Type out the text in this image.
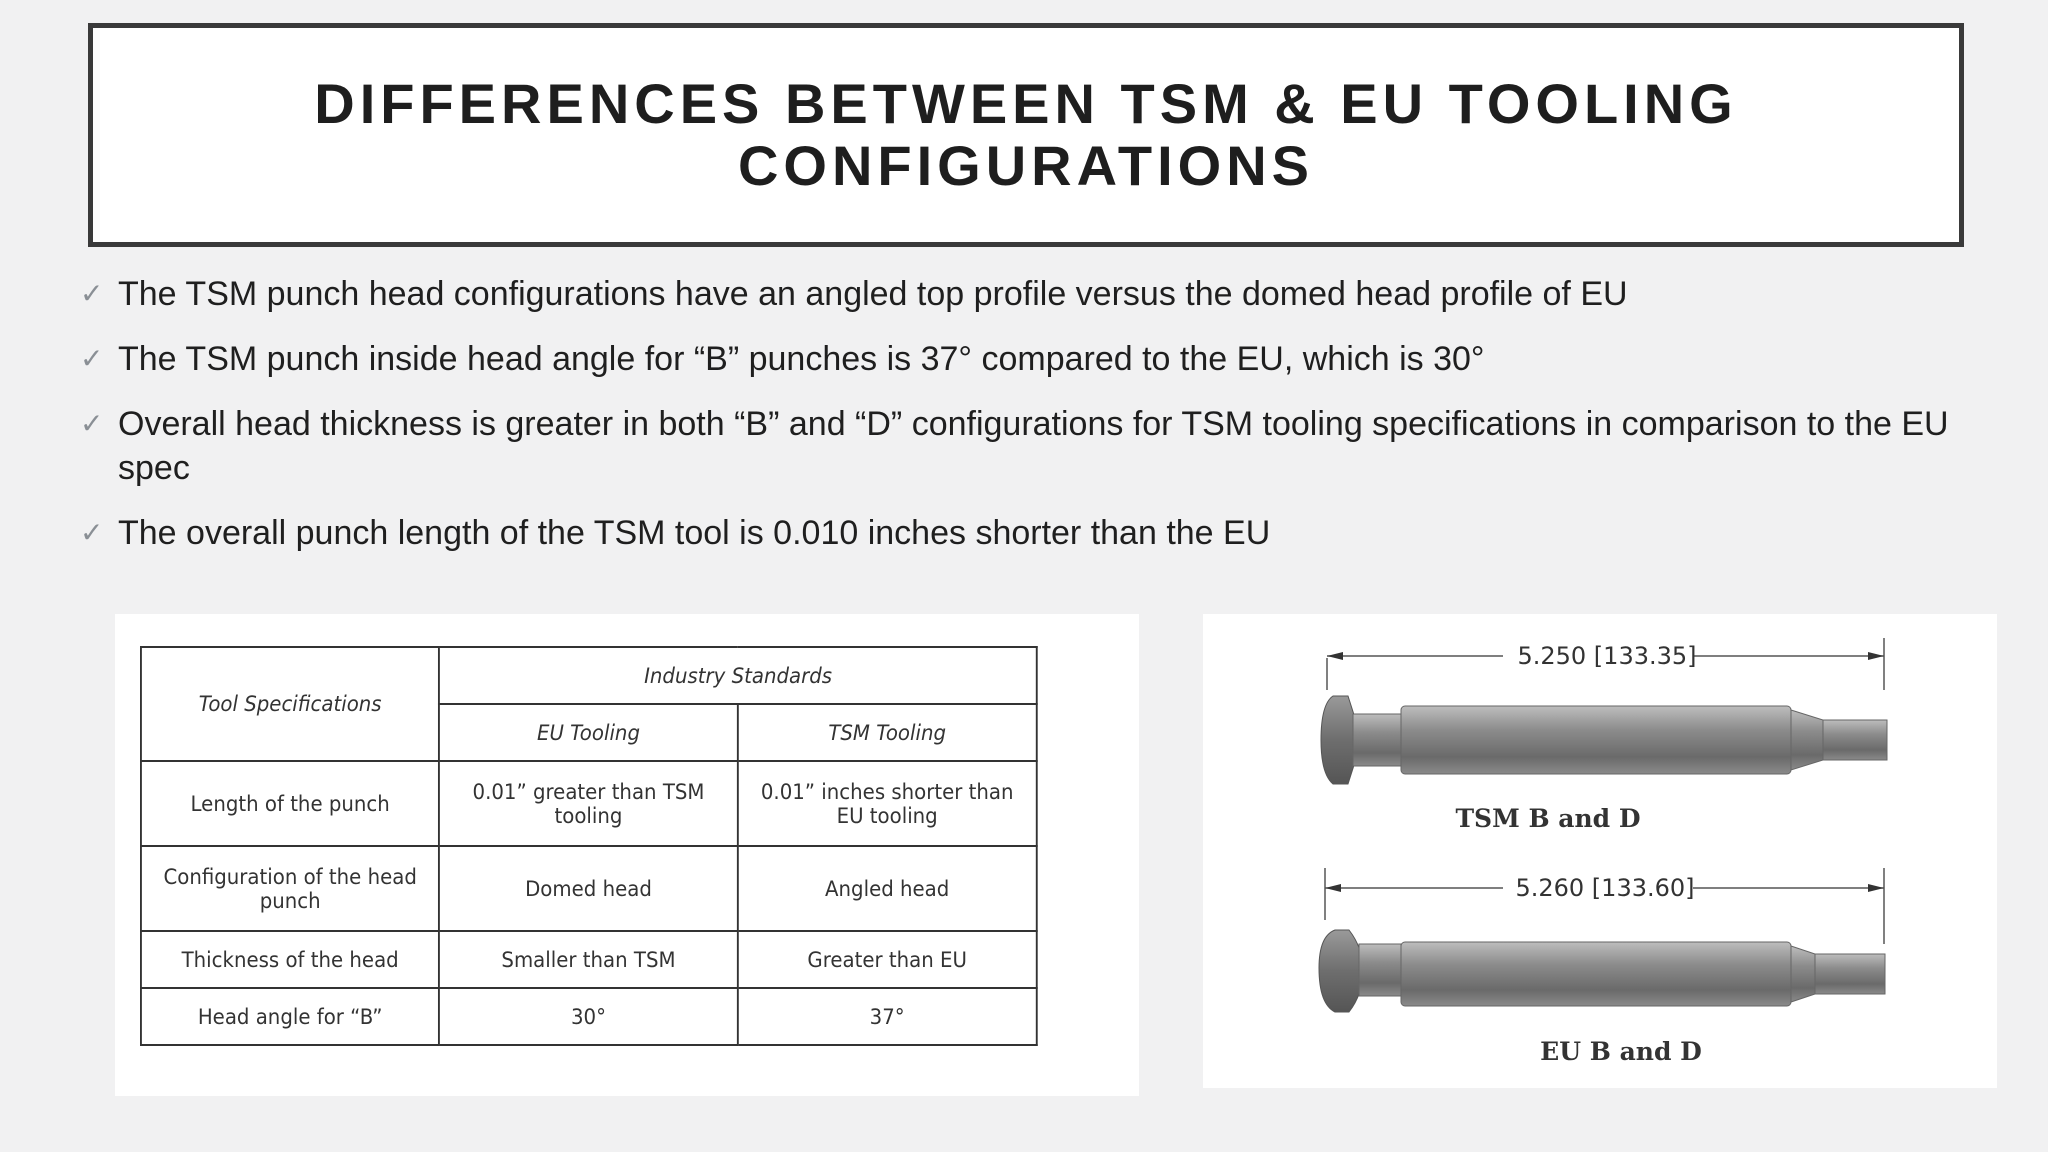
DIFFERENCES BETWEEN TSM & EU TOOLING CONFIGURATIONS
✓ The TSM punch head configurations have an angled top profile versus the domed head profile of EU
✓ The TSM punch inside head angle for “B” punches is 37° compared to the EU, which is 30°
✓ Overall head thickness is greater in both “B” and “D” configurations for TSM tooling specifications in comparison to the EU spec
✓ The overall punch length of the TSM tool is 0.010 inches shorter than the EU
Tool Specifications	Industry Standards	
	EU Tooling	TSM Tooling
Length of the punch	0.01” greater than TSM tooling	0.01” inches shorter than EU tooling
Configuration of the head punch	Domed head	Angled head
Thickness of the head	Smaller than TSM	Greater than EU
Head angle for “B”	30°	37°
5.250 [133.35]
TSM B and D
5.260 [133.60]
EU B and D
